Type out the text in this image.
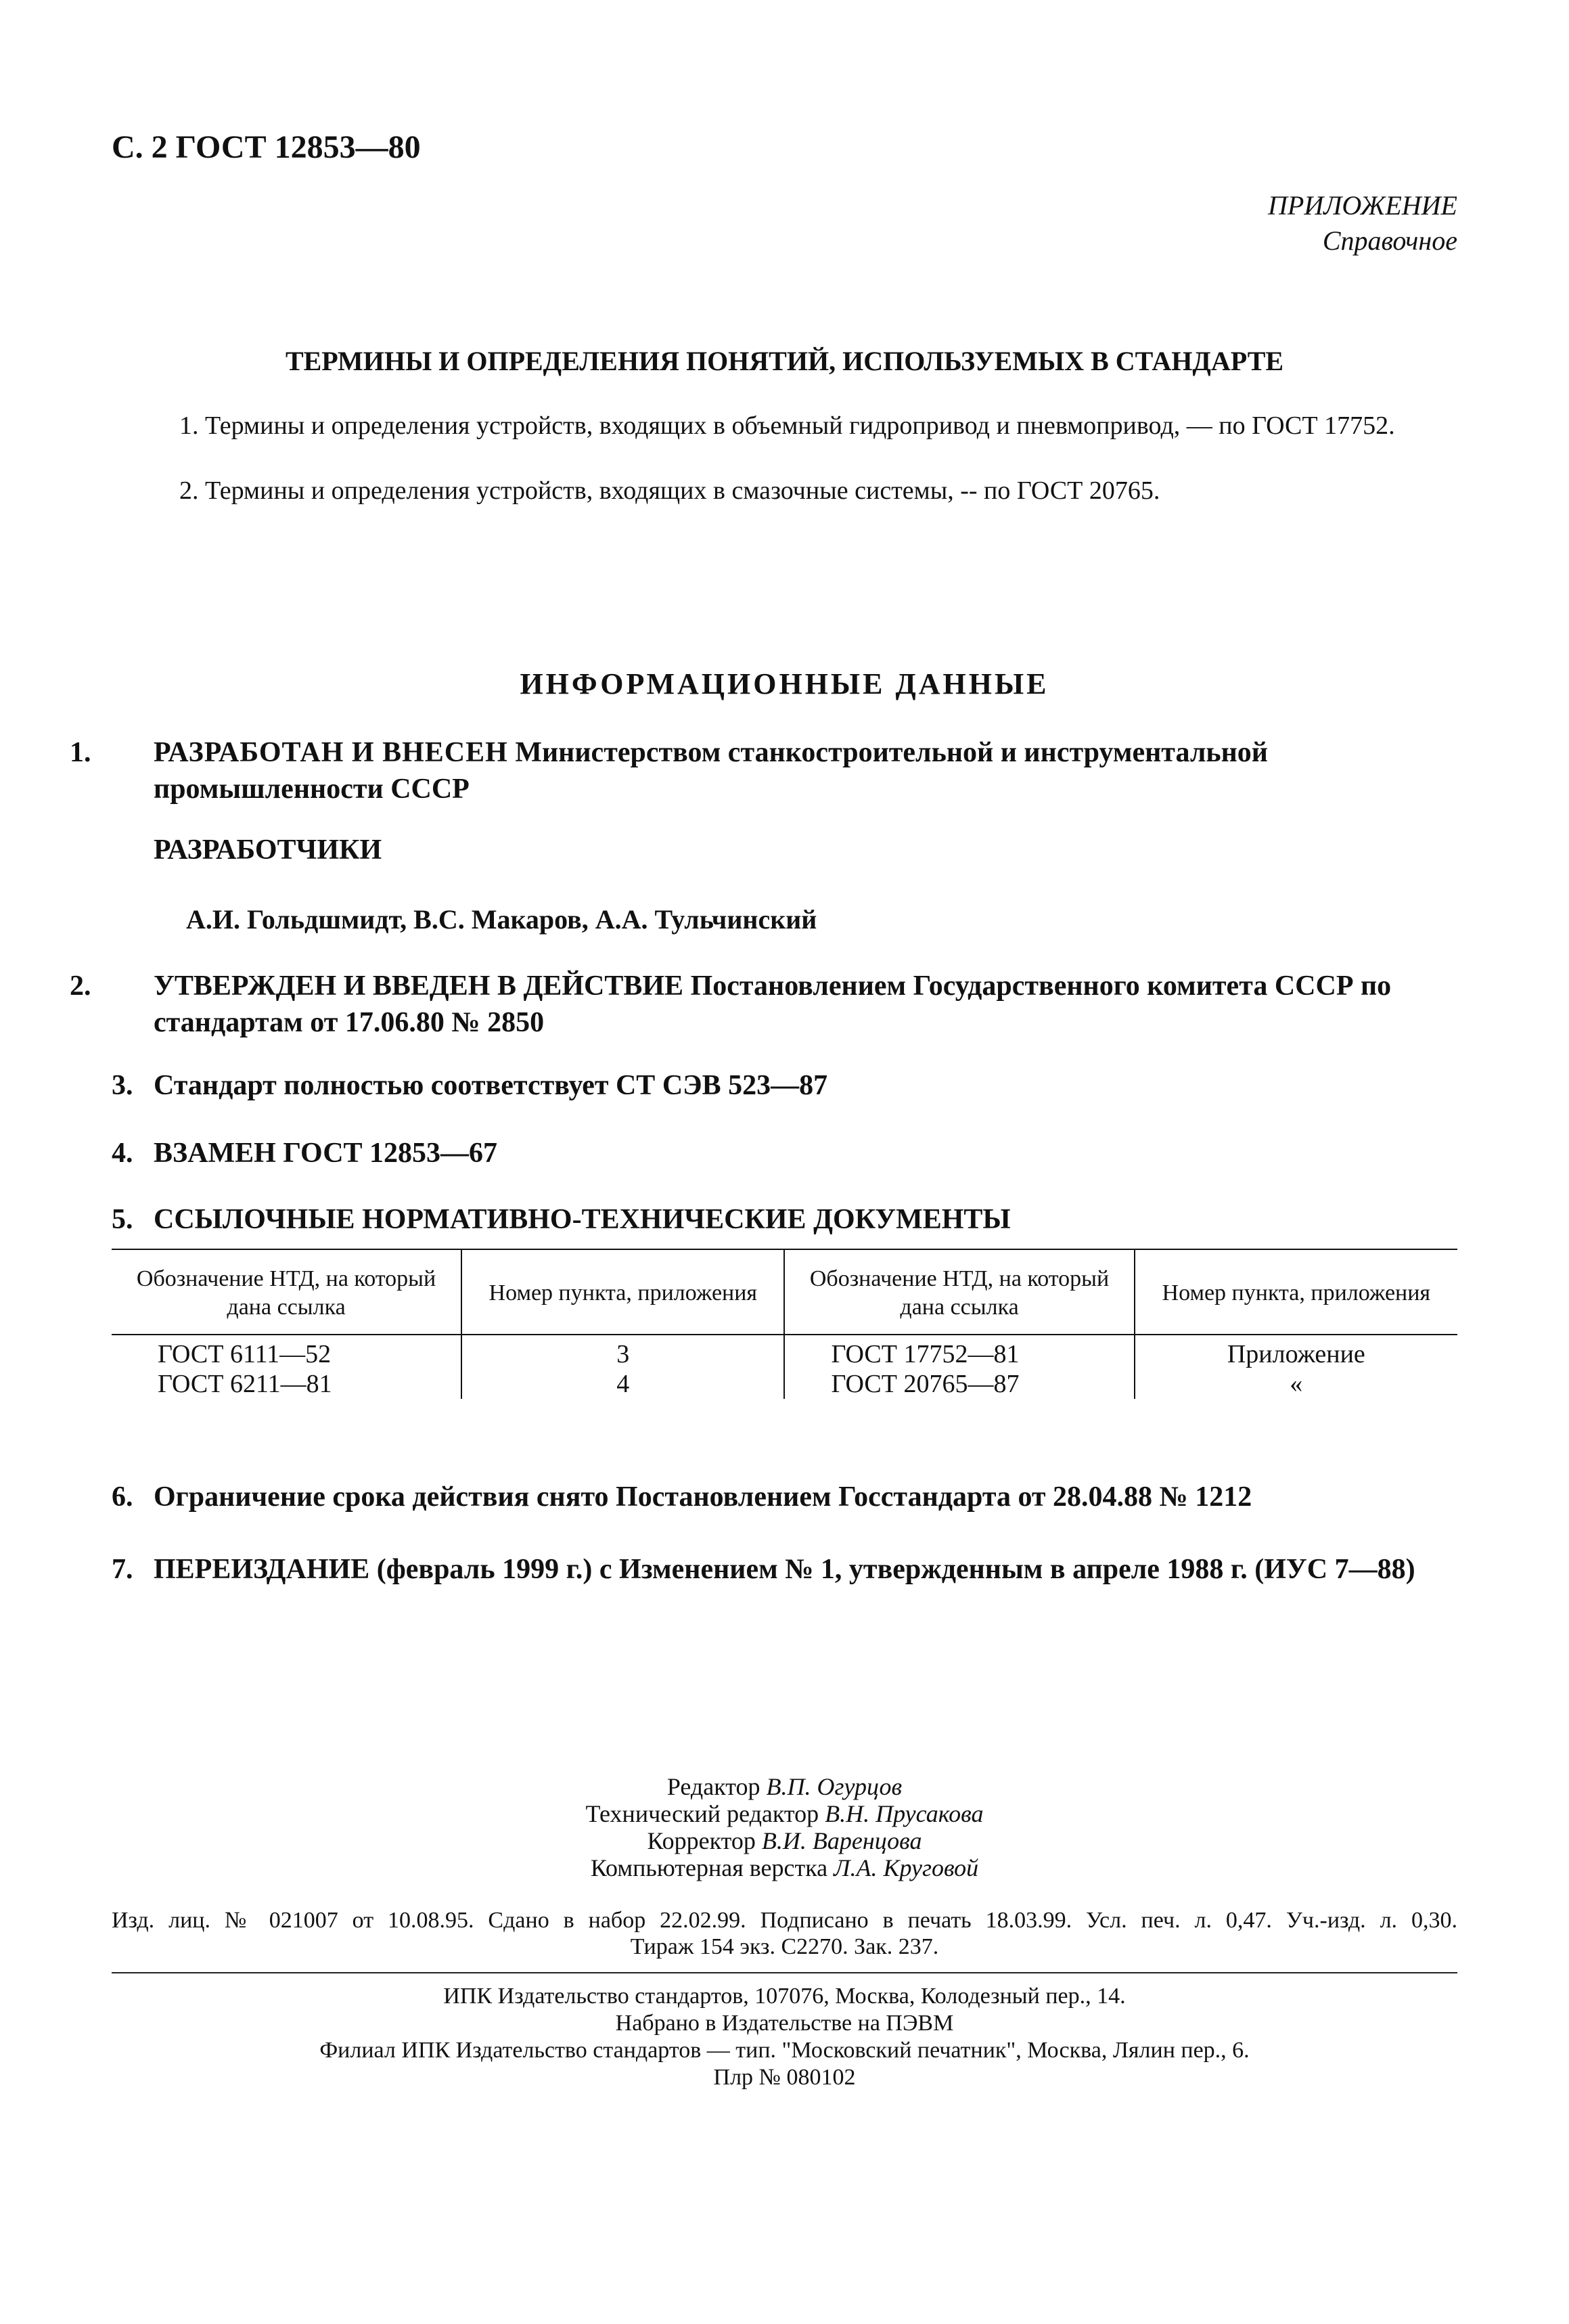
С. 2 ГОСТ 12853—80
ПРИЛОЖЕНИЕ
Справочное
ТЕРМИНЫ И ОПРЕДЕЛЕНИЯ ПОНЯТИЙ, ИСПОЛЬЗУЕМЫХ В СТАНДАРТЕ
1. Термины и определения устройств, входящих в объемный гидропривод и пневмопривод, — по ГОСТ 17752.
2. Термины и определения устройств, входящих в смазочные системы, -- по ГОСТ 20765.
ИНФОРМАЦИОННЫЕ ДАННЫЕ
1. РАЗРАБОТАН И ВНЕСЕН Министерством станкостроительной и инструментальной промышленности СССР
РАЗРАБОТЧИКИ
А.И. Гольдшмидт, В.С. Макаров, А.А. Тульчинский
2. УТВЕРЖДЕН И ВВЕДЕН В ДЕЙСТВИЕ Постановлением Государственного комитета СССР по стандартам от 17.06.80 № 2850
3. Стандарт полностью соответствует СТ СЭВ 523—87
4. ВЗАМЕН ГОСТ 12853—67
5. ССЫЛОЧНЫЕ НОРМАТИВНО-ТЕХНИЧЕСКИЕ ДОКУМЕНТЫ
Обозначение НТД, на который дана ссылка	Номер пункта, приложения	Обозначение НТД, на который дана ссылка	Номер пункта, приложения
ГОСТ 6111—52	3	ГОСТ 17752—81	Приложение
ГОСТ 6211—81	4	ГОСТ 20765—87	«
6. Ограничение срока действия снято Постановлением Госстандарта от 28.04.88 № 1212
7. ПЕРЕИЗДАНИЕ (февраль 1999 г.) с Изменением № 1, утвержденным в апреле 1988 г. (ИУС 7—88)
Редактор В.П. Огурцов
Технический редактор В.Н. Прусакова
Корректор В.И. Варенцова
Компьютерная верстка Л.А. Круговой
Изд. лиц. № 021007 от 10.08.95. Сдано в набор 22.02.99. Подписано в печать 18.03.99. Усл. печ. л. 0,47. Уч.-изд. л. 0,30.
Тираж 154 экз. С2270. Зак. 237.
ИПК Издательство стандартов, 107076, Москва, Колодезный пер., 14.
Набрано в Издательстве на ПЭВМ
Филиал ИПК Издательство стандартов — тип. "Московский печатник", Москва, Лялин пер., 6.
Плр № 080102
